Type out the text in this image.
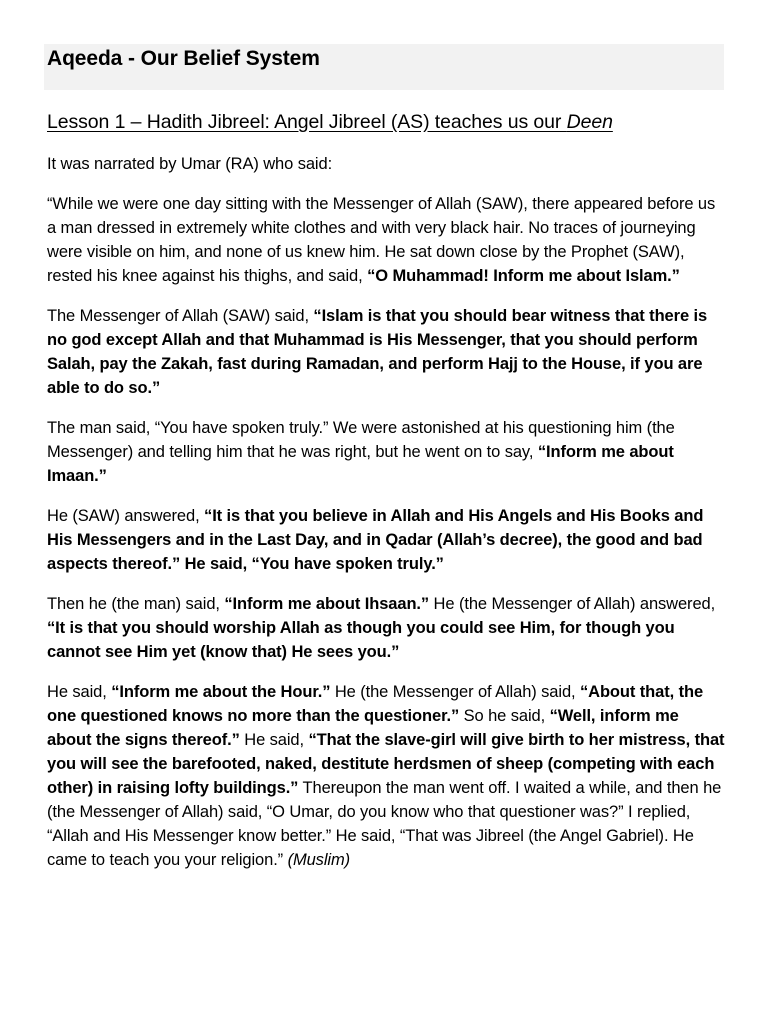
Aqeeda - Our Belief System
Lesson 1 – Hadith Jibreel: Angel Jibreel (AS) teaches us our Deen

It was narrated by Umar (RA) who said:

“While we were one day sitting with the Messenger of Allah (SAW), there appeared before us a man dressed in extremely white clothes and with very black hair. No traces of journeying were visible on him, and none of us knew him. He sat down close by the Prophet (SAW), rested his knee against his thighs, and said, “O Muhammad! Inform me about Islam.”

The Messenger of Allah (SAW) said, “Islam is that you should bear witness that there is no god except Allah and that Muhammad is His Messenger, that you should perform Salah, pay the Zakah, fast during Ramadan, and perform Hajj to the House, if you are able to do so.”

The man said, “You have spoken truly.” We were astonished at his questioning him (the Messenger) and telling him that he was right, but he went on to say, “Inform me about Imaan.”

He (SAW) answered, “It is that you believe in Allah and His Angels and His Books and His Messengers and in the Last Day, and in Qadar (Allah’s decree), the good and bad aspects thereof.” He said, “You have spoken truly.”

Then he (the man) said, “Inform me about Ihsaan.” He (the Messenger of Allah) answered, “It is that you should worship Allah as though you could see Him, for though you cannot see Him yet (know that) He sees you.”

He said, “Inform me about the Hour.” He (the Messenger of Allah) said, “About that, the one questioned knows no more than the questioner.” So he said, “Well, inform me about the signs thereof.” He said, “That the slave-girl will give birth to her mistress, that you will see the barefooted, naked, destitute herdsmen of sheep (competing with each other) in raising lofty buildings.” Thereupon the man went off. I waited a while, and then he (the Messenger of Allah) said, “O Umar, do you know who that questioner was?” I replied, “Allah and His Messenger know better.” He said, “That was Jibreel (the Angel Gabriel). He came to teach you your religion.” (Muslim)
